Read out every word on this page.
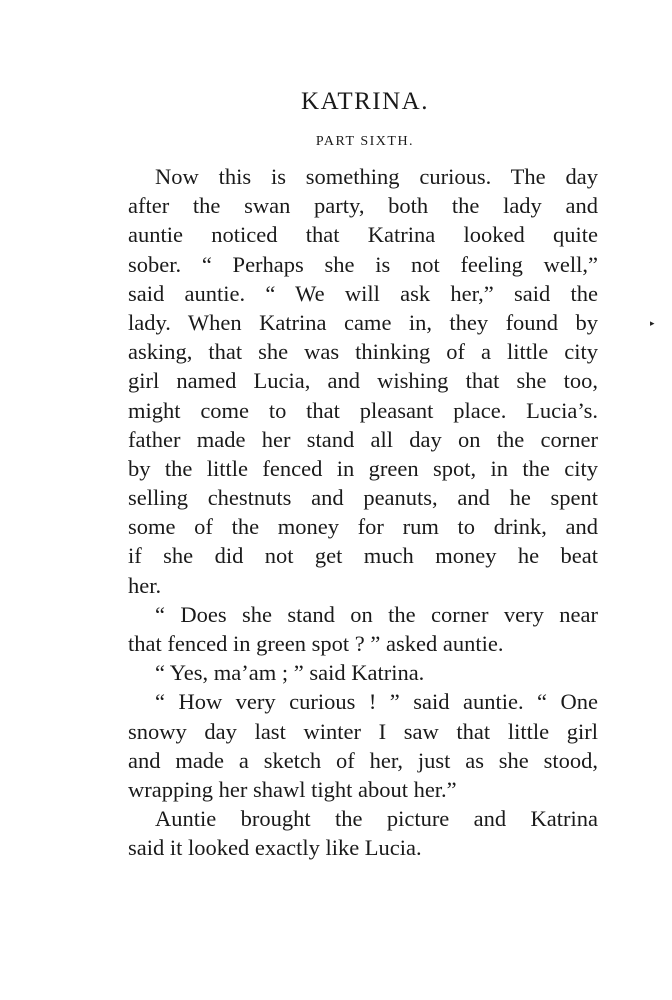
KATRINA.
PART SIXTH.
Now this is something curious. The day
after the swan party, both the lady and
auntie noticed that Katrina looked quite
sober. “ Perhaps she is not feeling well,”
said auntie. “ We will ask her,” said the
lady. When Katrina came in, they found by
asking, that she was thinking of a little city
girl named Lucia, and wishing that she too,
might come to that pleasant place. Lucia’s.
father made her stand all day on the corner
by the little fenced in green spot, in the city
selling chestnuts and peanuts, and he spent
some of the money for rum to drink, and
if she did not get much money he beat
her.
“ Does she stand on the corner very near
that fenced in green spot ? ” asked auntie.
“ Yes, ma’am ; ” said Katrina.
“ How very curious ! ” said auntie. “ One
snowy day last winter I saw that little girl
and made a sketch of her, just as she stood,
wrapping her shawl tight about her.”
Auntie brought the picture and Katrina
said it looked exactly like Lucia.
▸
